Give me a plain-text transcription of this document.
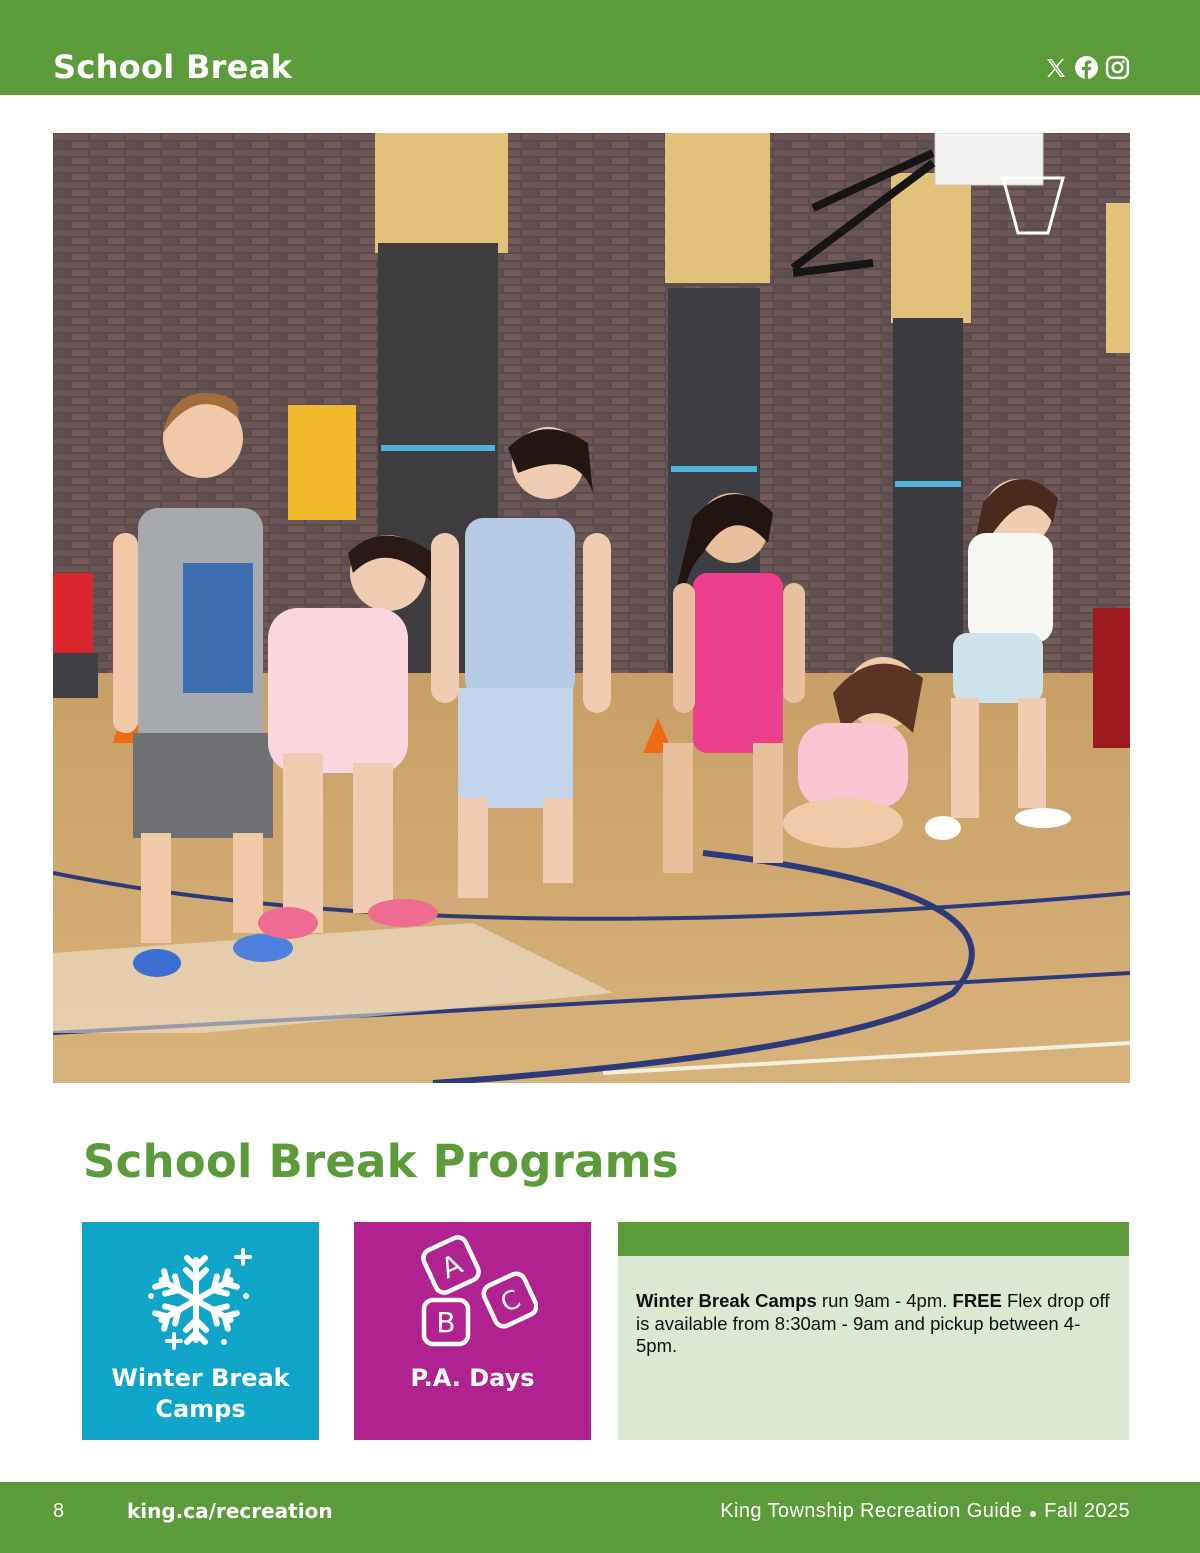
School Break
School Break Programs
Winter Break
Camps
A
C
B
P.A. Days
Winter Break Camps run 9am - 4pm. FREE Flex drop off is available from 8:30am - 9am and pickup between 4-5pm.
8	king.ca/recreation	King Township Recreation Guide Fall 2025
